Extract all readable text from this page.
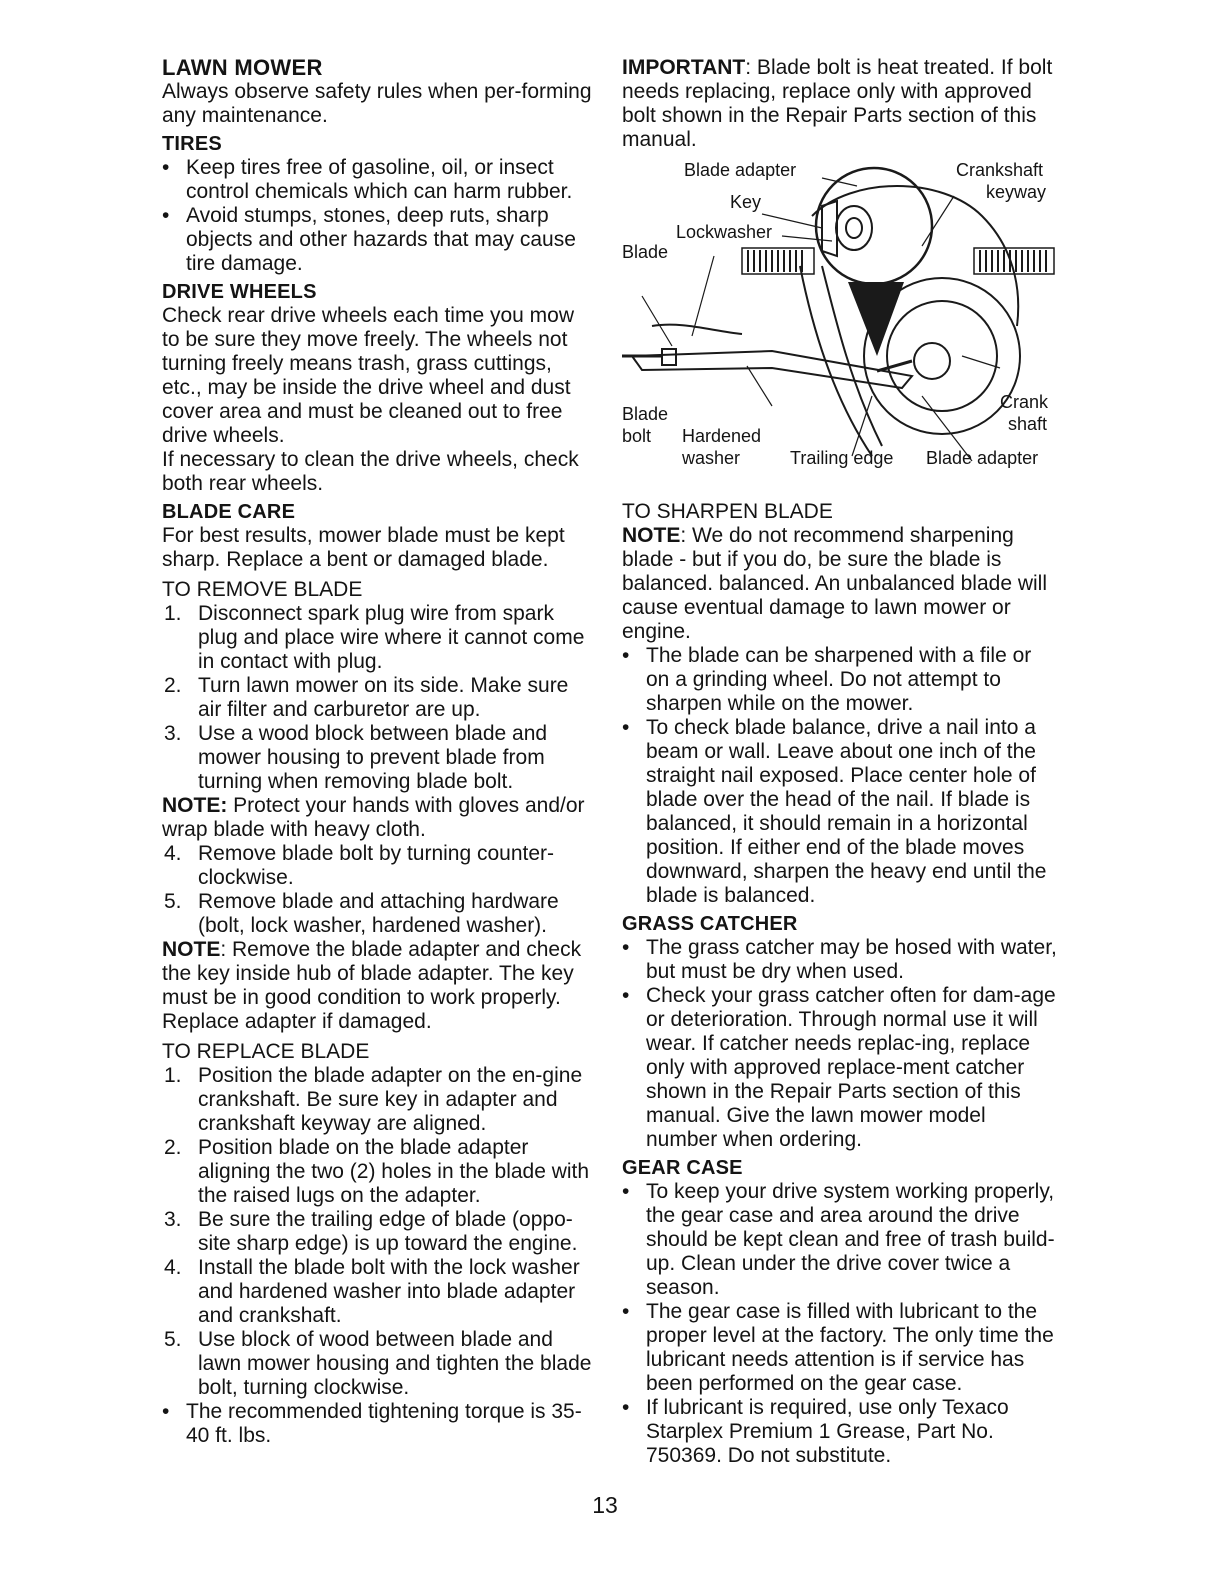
LAWN MOWER

Always observe safety rules when per-forming any maintenance.

TIRES
• Keep tires free of gasoline, oil, or insect control chemicals which can harm rubber.
• Avoid stumps, stones, deep ruts, sharp objects and other hazards that may cause tire damage.
DRIVE WHEELS

Check rear drive wheels each time you mow to be sure they move freely. The wheels not turning freely means trash, grass cuttings, etc., may be inside the drive wheel and dust cover area and must be cleaned out to free drive wheels.

If necessary to clean the drive wheels, check both rear wheels.

BLADE CARE

For best results, mower blade must be kept sharp. Replace a bent or damaged blade.

TO REMOVE BLADE
1. Disconnect spark plug wire from spark plug and place wire where it cannot come in contact with plug.
2. Turn lawn mower on its side. Make sure air filter and carburetor are up.
3. Use a wood block between blade and mower housing to prevent blade from turning when removing blade bolt.

NOTE: Protect your hands with gloves and/or wrap blade with heavy cloth.

4. Remove blade bolt by turning counter-clockwise.
5. Remove blade and attaching hardware (bolt, lock washer, hardened washer).

NOTE: Remove the blade adapter and check the key inside hub of blade adapter. The key must be in good condition to work properly. Replace adapter if damaged.

TO REPLACE BLADE
1. Position the blade adapter on the en-gine crankshaft. Be sure key in adapter and crankshaft keyway are aligned.
2. Position blade on the blade adapter aligning the two (2) holes in the blade with the raised lugs on the adapter.
3. Be sure the trailing edge of blade (oppo-site sharp edge) is up toward the engine.
4. Install the blade bolt with the lock washer and hardened washer into blade adapter and crankshaft.
5. Use block of wood between blade and lawn mower housing and tighten the blade bolt, turning clockwise.
• The recommended tightening torque is 35-40 ft. lbs.

IMPORTANT: Blade bolt is heat treated. If bolt needs replacing, replace only with approved bolt shown in the Repair Parts section of this manual.

Blade adapter	Crankshaft
keyway
Key
Lockwasher
Blade
Crank
shaft
Blade
bolt Hardened
washer	Trailing edge Blade adapter
TO SHARPEN BLADE

NOTE: We do not recommend sharpening blade - but if you do, be sure the blade is balanced. balanced. An unbalanced blade will cause eventual damage to lawn mower or engine.

• The blade can be sharpened with a file or on a grinding wheel. Do not attempt to sharpen while on the mower.
• To check blade balance, drive a nail into a beam or wall. Leave about one inch of the straight nail exposed. Place center hole of blade over the head of the nail. If blade is balanced, it should remain in a horizontal position. If either end of the blade moves downward, sharpen the heavy end until the blade is balanced.
GRASS CATCHER
• The grass catcher may be hosed with water, but must be dry when used.
• Check your grass catcher often for dam-age or deterioration. Through normal use it will wear. If catcher needs replac-ing, replace only with approved replace-ment catcher shown in the Repair Parts section of this manual. Give the lawn mower model number when ordering.
GEAR CASE
• To keep your drive system working properly, the gear case and area around the drive should be kept clean and free of trash build-up. Clean under the drive cover twice a season.
• The gear case is filled with lubricant to the proper level at the factory. The only time the lubricant needs attention is if service has been performed on the gear case.
• If lubricant is required, use only Texaco Starplex Premium 1 Grease, Part No. 750369. Do not substitute.
13
